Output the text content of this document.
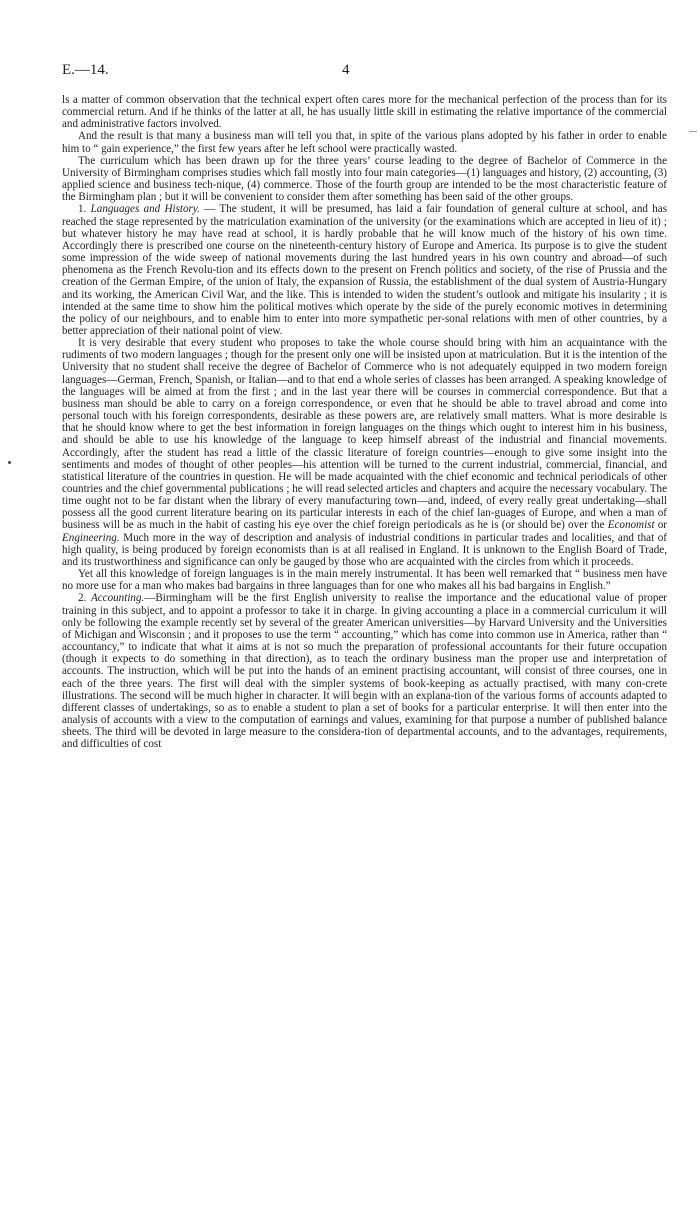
E.—14.	4

ls a matter of common observation that the technical expert often cares more for the mechanical perfection of the process than for its commercial return. And if he thinks of the latter at all, he has usually little skill in estimating the relative importance of the commercial and administrative factors involved.

And the result is that many a business man will tell you that, in spite of the various plans adopted by his father in order to enable him to “ gain experience,” the first few years after he left school were practically wasted.

The curriculum which has been drawn up for the three years’ course leading to the degree of Bachelor of Commerce in the University of Birmingham comprises studies which fall mostly into four main categories—(1) languages and history, (2) accounting, (3) applied science and business tech-nique, (4) commerce. Those of the fourth group are intended to be the most characteristic feature of the Birmingham plan ; but it will be convenient to consider them after something has been said of the other groups.

1. Languages and History. — The student, it will be presumed, has laid a fair foundation of general culture at school, and has reached the stage represented by the matriculation examination of the university (or the examinations which are accepted in lieu of it) ; but whatever history he may have read at school, it is hardly probable that he will know much of the history of his own time. Accordingly there is prescribed one course on the nineteenth-century history of Europe and America. Its purpose is to give the student some impression of the wide sweep of national movements during the last hundred years in his own country and abroad—of such phenomena as the French Revolu-tion and its effects down to the present on French politics and society, of the rise of Prussia and the creation of the German Empire, of the union of Italy, the expansion of Russia, the establishment of the dual system of Austria-Hungary and its working, the American Civil War, and the like. This is intended to widen the student’s outlook and mitigate his insularity ; it is intended at the same time to show him the political motives which operate by the side of the purely economic motives in determining the policy of our neighbours, and to enable him to enter into more sympathetic per-sonal relations with men of other countries, by a better appreciation of their national point of view.

It is very desirable that every student who proposes to take the whole course should bring with him an acquaintance with the rudiments of two modern languages ; though for the present only one will be insisted upon at matriculation. But it is the intention of the University that no student shall receive the degree of Bachelor of Commerce who is not adequately equipped in two modern foreign languages—German, French, Spanish, or Italian—and to that end a whole series of classes has been arranged. A speaking knowledge of the languages will be aimed at from the first ; and in the last year there will be courses in commercial correspondence. But that a business man should be able to carry on a foreign correspondence, or even that he should be able to travel abroad and come into personal touch with his foreign correspondents, desirable as these powers are, are relatively small matters. What is more desirable is that he should know where to get the best information in foreign languages on the things which ought to interest him in his business, and should be able to use his knowledge of the language to keep himself abreast of the industrial and financial movements. Accordingly, after the student has read a little of the classic literature of foreign countries—enough to give some insight into the sentiments and modes of thought of other peoples—his attention will be turned to the current industrial, commercial, financial, and statistical literature of the countries in question. He will be made acquainted with the chief economic and technical periodicals of other countries and the chief governmental publications ; he will read selected articles and chapters and acquire the necessary vocabulary. The time ought not to be far distant when the library of every manufacturing town—and, indeed, of every really great undertaking—shall possess all the good current literature bearing on its particular interests in each of the chief lan-guages of Europe, and when a man of business will be as much in the habit of casting his eye over the chief foreign periodicals as he is (or should be) over the Economist or Engineering. Much more in the way of description and analysis of industrial conditions in particular trades and localities, and that of high quality, is being produced by foreign economists than is at all realised in England. It is unknown to the English Board of Trade, and its trustworthiness and significance can only be gauged by those who are acquainted with the circles from which it proceeds.

Yet all this knowledge of foreign languages is in the main merely instrumental. It has been well remarked that “ business men have no more use for a man who makes bad bargains in three languages than for one who makes all his bad bargains in English.”

2. Accounting.—Birmingham will be the first English university to realise the importance and the educational value of proper training in this subject, and to appoint a professor to take it in charge. In giving accounting a place in a commercial curriculum it will only be following the example recently set by several of the greater American universities—by Harvard University and the Universities of Michigan and Wisconsin ; and it proposes to use the term “ accounting,” which has come into common use in America, rather than “ accountancy,” to indicate that what it aims at is not so much the preparation of professional accountants for their future occupation (though it expects to do something in that direction), as to teach the ordinary business man the proper use and interpretation of accounts. The instruction, which will be put into the hands of an eminent practising accountant, will consist of three courses, one in each of the three years. The first will deal with the simpler systems of book-keeping as actually practised, with many con-crete illustrations. The second will be much higher in character. It will begin with an explana-tion of the various forms of accounts adapted to different classes of undertakings, so as to enable a student to plan a set of books for a particular enterprise. It will then enter into the analysis of accounts with a view to the computation of earnings and values, examining for that purpose a number of published balance sheets. The third will be devoted in large measure to the considera-tion of departmental accounts, and to the advantages, requirements, and difficulties of cost
